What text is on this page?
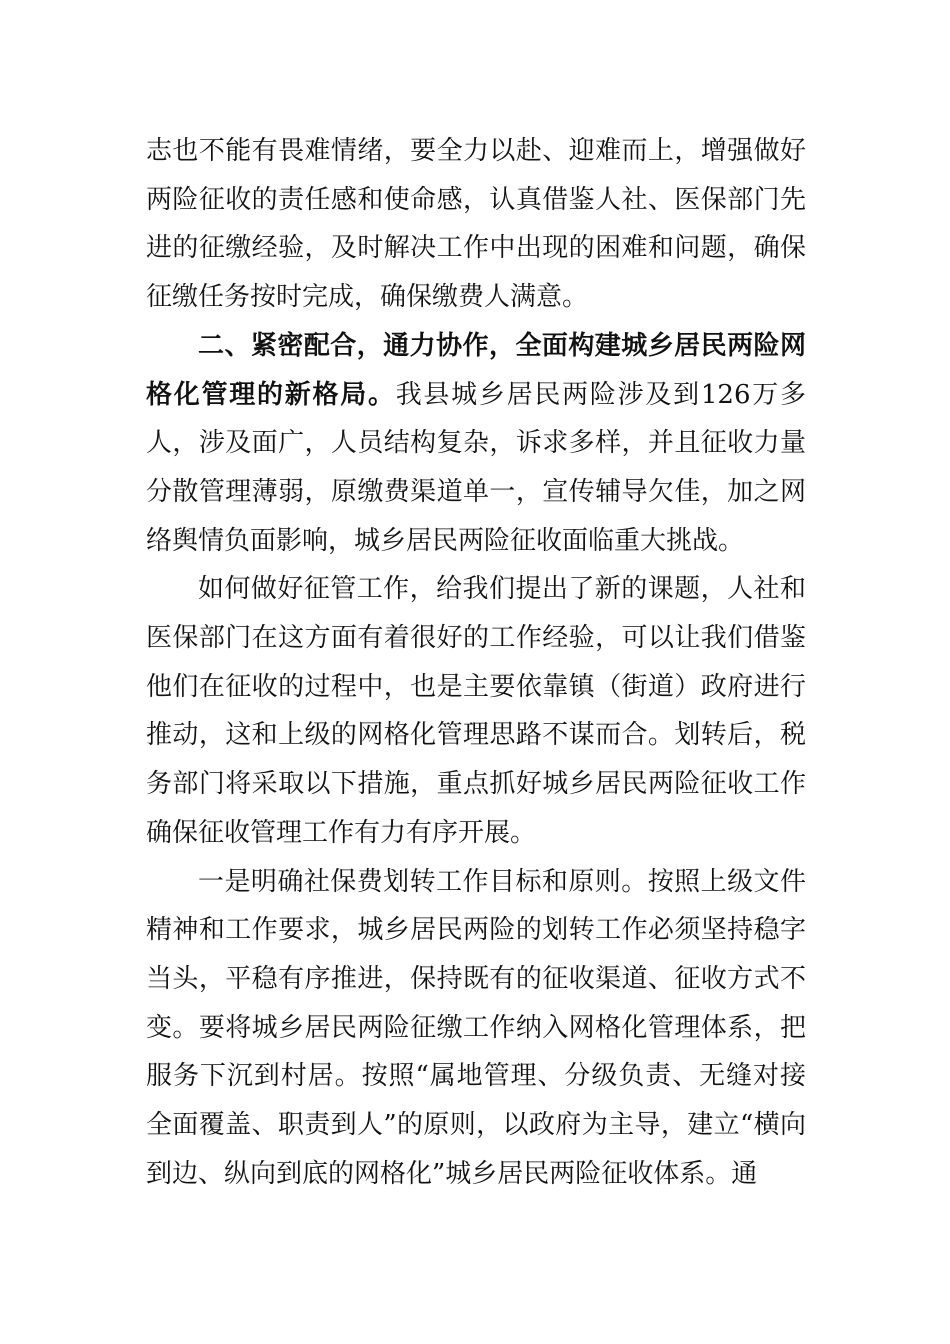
志也不能有畏难情绪，要全力以赴、迎难而上，增强做好两险征收的责任感和使命感，认真借鉴人社、医保部门先进的征缴经验，及时解决工作中出现的困难和问题，确保征缴任务按时完成，确保缴费人满意。

二、紧密配合，通力协作，全面构建城乡居民两险网格化管理的新格局。我县城乡居民两险涉及到126万多人，涉及面广，人员结构复杂，诉求多样，并且征收力量分散管理薄弱，原缴费渠道单一，宣传辅导欠佳，加之网络舆情负面影响，城乡居民两险征收面临重大挑战。

如何做好征管工作，给我们提出了新的课题，人社和医保部门在这方面有着很好的工作经验，可以让我们借鉴他们在征收的过程中，也是主要依靠镇（街道）政府进行推动，这和上级的网格化管理思路不谋而合。划转后，税务部门将采取以下措施，重点抓好城乡居民两险征收工作确保征收管理工作有力有序开展。

一是明确社保费划转工作目标和原则。按照上级文件精神和工作要求，城乡居民两险的划转工作必须坚持稳字当头，平稳有序推进，保持既有的征收渠道、征收方式不变。要将城乡居民两险征缴工作纳入网格化管理体系，把服务下沉到村居。按照“属地管理、分级负责、无缝对接全面覆盖、职责到人”的原则，以政府为主导，建立“横向到边、纵向到底的网格化”城乡居民两险征收体系。通
